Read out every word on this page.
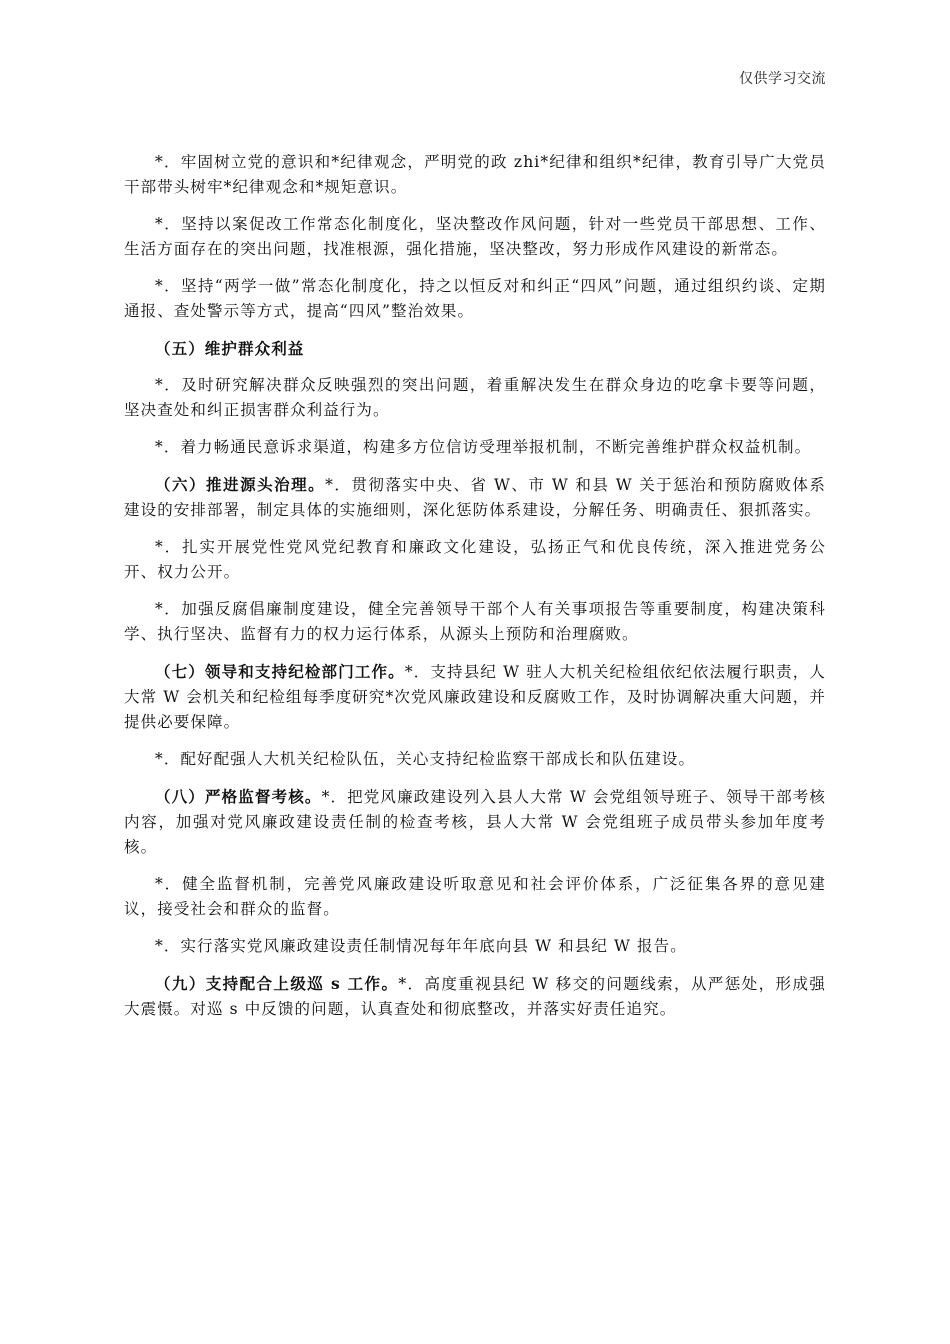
仅供学习交流

*．牢固树立党的意识和*纪律观念，严明党的政 zhi*纪律和组织*纪律，教育引导广大党员干部带头树牢*纪律观念和*规矩意识。

*．坚持以案促改工作常态化制度化，坚决整改作风问题，针对一些党员干部思想、工作、生活方面存在的突出问题，找准根源，强化措施，坚决整改，努力形成作风建设的新常态。

*．坚持“两学一做”常态化制度化，持之以恒反对和纠正“四风”问题，通过组织约谈、定期通报、查处警示等方式，提高“四风”整治效果。

（五）维护群众利益

*．及时研究解决群众反映强烈的突出问题，着重解决发生在群众身边的吃拿卡要等问题，坚决查处和纠正损害群众利益行为。

*．着力畅通民意诉求渠道，构建多方位信访受理举报机制，不断完善维护群众权益机制。

（六）推进源头治理。*．贯彻落实中央、省 W、市 W 和县 W 关于惩治和预防腐败体系建设的安排部署，制定具体的实施细则，深化惩防体系建设，分解任务、明确责任、狠抓落实。

*．扎实开展党性党风党纪教育和廉政文化建设，弘扬正气和优良传统，深入推进党务公开、权力公开。

*．加强反腐倡廉制度建设，健全完善领导干部个人有关事项报告等重要制度，构建决策科学、执行坚决、监督有力的权力运行体系，从源头上预防和治理腐败。

（七）领导和支持纪检部门工作。*．支持县纪 W 驻人大机关纪检组依纪依法履行职责，人大常 W 会机关和纪检组每季度研究*次党风廉政建设和反腐败工作，及时协调解决重大问题，并提供必要保障。

*．配好配强人大机关纪检队伍，关心支持纪检监察干部成长和队伍建设。

（八）严格监督考核。*．把党风廉政建设列入县人大常 W 会党组领导班子、领导干部考核内容，加强对党风廉政建设责任制的检查考核，县人大常 W 会党组班子成员带头参加年度考核。

*．健全监督机制，完善党风廉政建设听取意见和社会评价体系，广泛征集各界的意见建议，接受社会和群众的监督。

*．实行落实党风廉政建设责任制情况每年年底向县 W 和县纪 W 报告。

（九）支持配合上级巡 s 工作。*．高度重视县纪 W 移交的问题线索，从严惩处，形成强大震慑。对巡 s 中反馈的问题，认真查处和彻底整改，并落实好责任追究。
